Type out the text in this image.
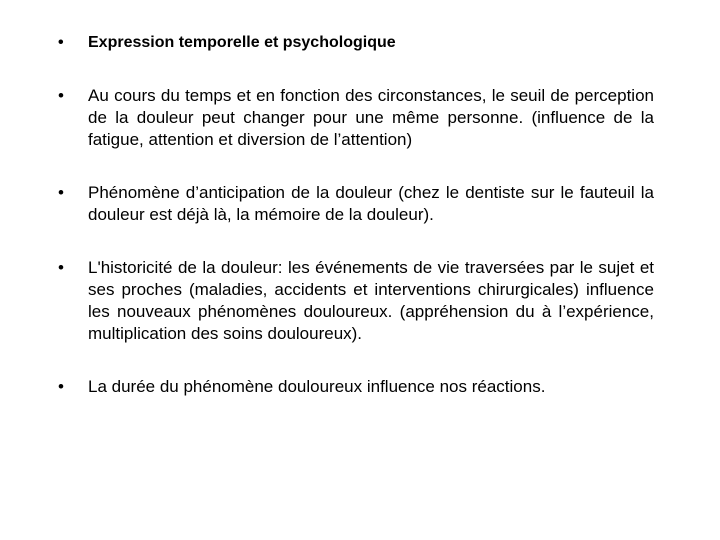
•	Expression temporelle et psychologique
•	Au cours du temps et en fonction des circonstances, le seuil de perception de la douleur peut changer pour une même personne. (influence de la fatigue, attention et diversion de l’attention)
•	Phénomène d’anticipation de la douleur (chez le dentiste sur le fauteuil la douleur est déjà là, la mémoire de la douleur).
•	L'historicité de la douleur: les événements de vie traversées par le sujet et ses proches (maladies, accidents et interventions chirurgicales) influence les nouveaux phénomènes douloureux. (appréhension du à l’expérience, multiplication des soins douloureux).
•	La durée du phénomène douloureux influence nos réactions.
